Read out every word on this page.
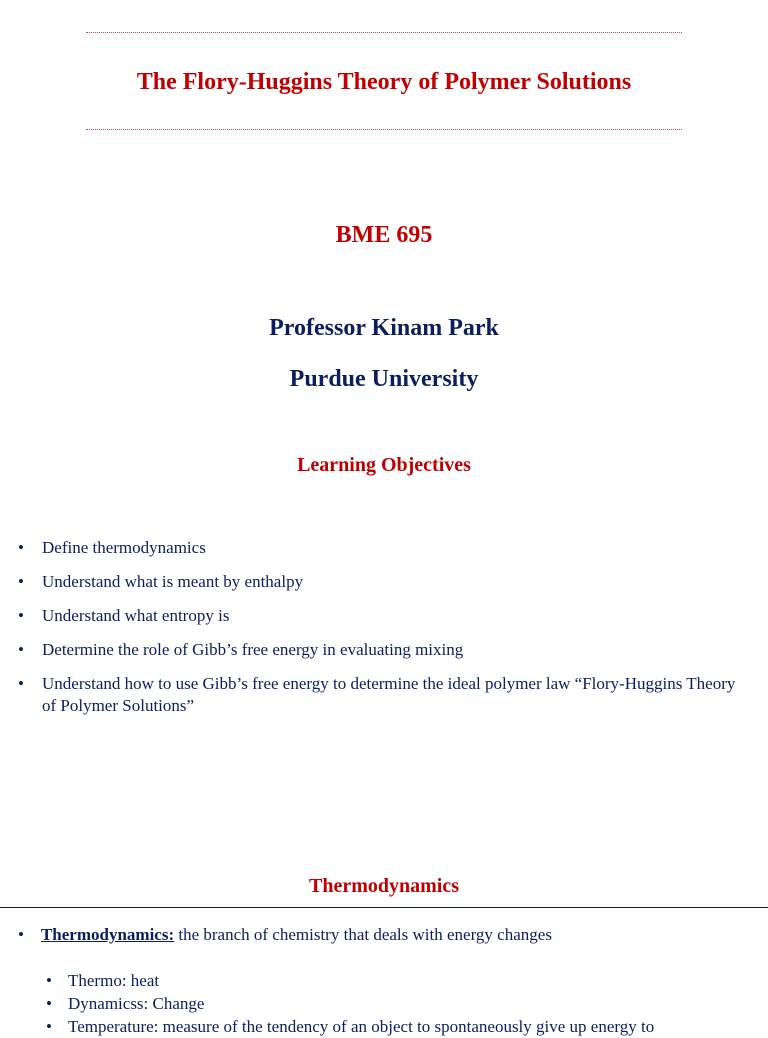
The Flory-Huggins Theory of Polymer Solutions
BME 695
Professor Kinam Park
Purdue University
Learning Objectives
• Define thermodynamics
• Understand what is meant by enthalpy
• Understand what entropy is
• Determine the role of Gibb’s free energy in evaluating mixing
• Understand how to use Gibb’s free energy to determine the ideal polymer law “Flory-Huggins Theory of Polymer Solutions”
Thermodynamics
•    Thermodynamics: the branch of chemistry that deals with energy changes
• Thermo: heat
• Dynamicss: Change
• Temperature: measure of the tendency of an object to spontaneously give up energy to
